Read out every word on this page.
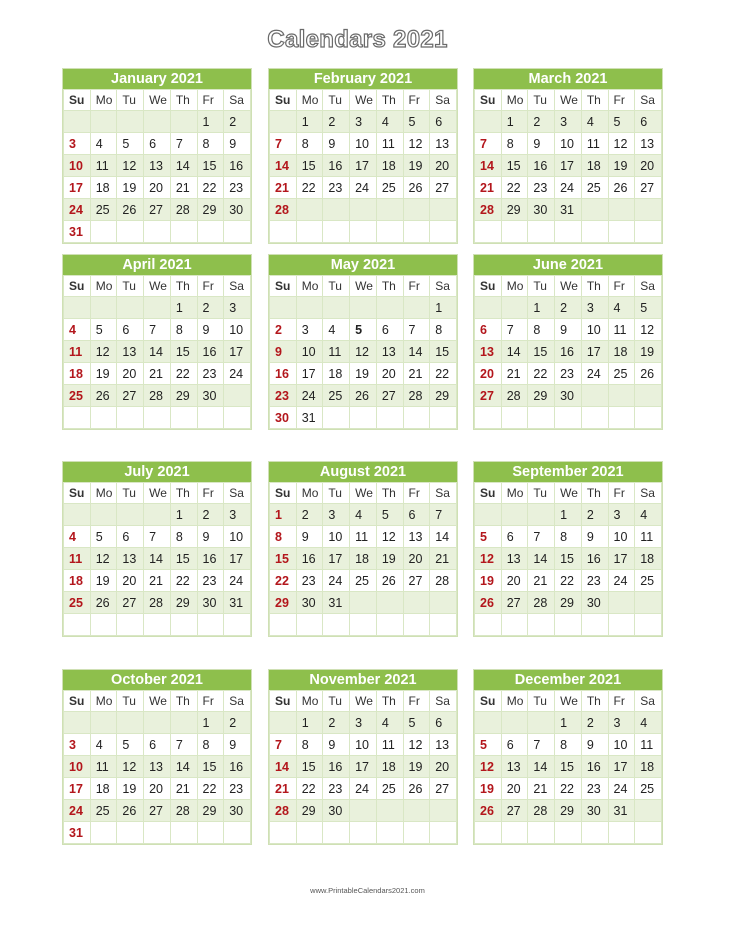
Calendars 2021
January 2021
Su	Mo	Tu	We	Th	Fr	Sa
					1	2
3	4	5	6	7	8	9
10	11	12	13	14	15	16
17	18	19	20	21	22	23
24	25	26	27	28	29	30
31						
February 2021
Su	Mo	Tu	We	Th	Fr	Sa
	1	2	3	4	5	6
7	8	9	10	11	12	13
14	15	16	17	18	19	20
21	22	23	24	25	26	27
28						

March 2021
Su	Mo	Tu	We	Th	Fr	Sa
	1	2	3	4	5	6
7	8	9	10	11	12	13
14	15	16	17	18	19	20
21	22	23	24	25	26	27
28	29	30	31			

April 2021
Su	Mo	Tu	We	Th	Fr	Sa
				1	2	3
4	5	6	7	8	9	10
11	12	13	14	15	16	17
18	19	20	21	22	23	24
25	26	27	28	29	30	

May 2021
Su	Mo	Tu	We	Th	Fr	Sa
						1
2	3	4	5	6	7	8
9	10	11	12	13	14	15
16	17	18	19	20	21	22
23	24	25	26	27	28	29
30	31					
June 2021
Su	Mo	Tu	We	Th	Fr	Sa
		1	2	3	4	5
6	7	8	9	10	11	12
13	14	15	16	17	18	19
20	21	22	23	24	25	26
27	28	29	30			

July 2021
Su	Mo	Tu	We	Th	Fr	Sa
				1	2	3
4	5	6	7	8	9	10
11	12	13	14	15	16	17
18	19	20	21	22	23	24
25	26	27	28	29	30	31

August 2021
Su	Mo	Tu	We	Th	Fr	Sa
1	2	3	4	5	6	7
8	9	10	11	12	13	14
15	16	17	18	19	20	21
22	23	24	25	26	27	28
29	30	31				

September 2021
Su	Mo	Tu	We	Th	Fr	Sa
			1	2	3	4
5	6	7	8	9	10	11
12	13	14	15	16	17	18
19	20	21	22	23	24	25
26	27	28	29	30		

October 2021
Su	Mo	Tu	We	Th	Fr	Sa
					1	2
3	4	5	6	7	8	9
10	11	12	13	14	15	16
17	18	19	20	21	22	23
24	25	26	27	28	29	30
31						
November 2021
Su	Mo	Tu	We	Th	Fr	Sa
	1	2	3	4	5	6
7	8	9	10	11	12	13
14	15	16	17	18	19	20
21	22	23	24	25	26	27
28	29	30				

December 2021
Su	Mo	Tu	We	Th	Fr	Sa
			1	2	3	4
5	6	7	8	9	10	11
12	13	14	15	16	17	18
19	20	21	22	23	24	25
26	27	28	29	30	31	

www.PrintableCalendars2021.com
